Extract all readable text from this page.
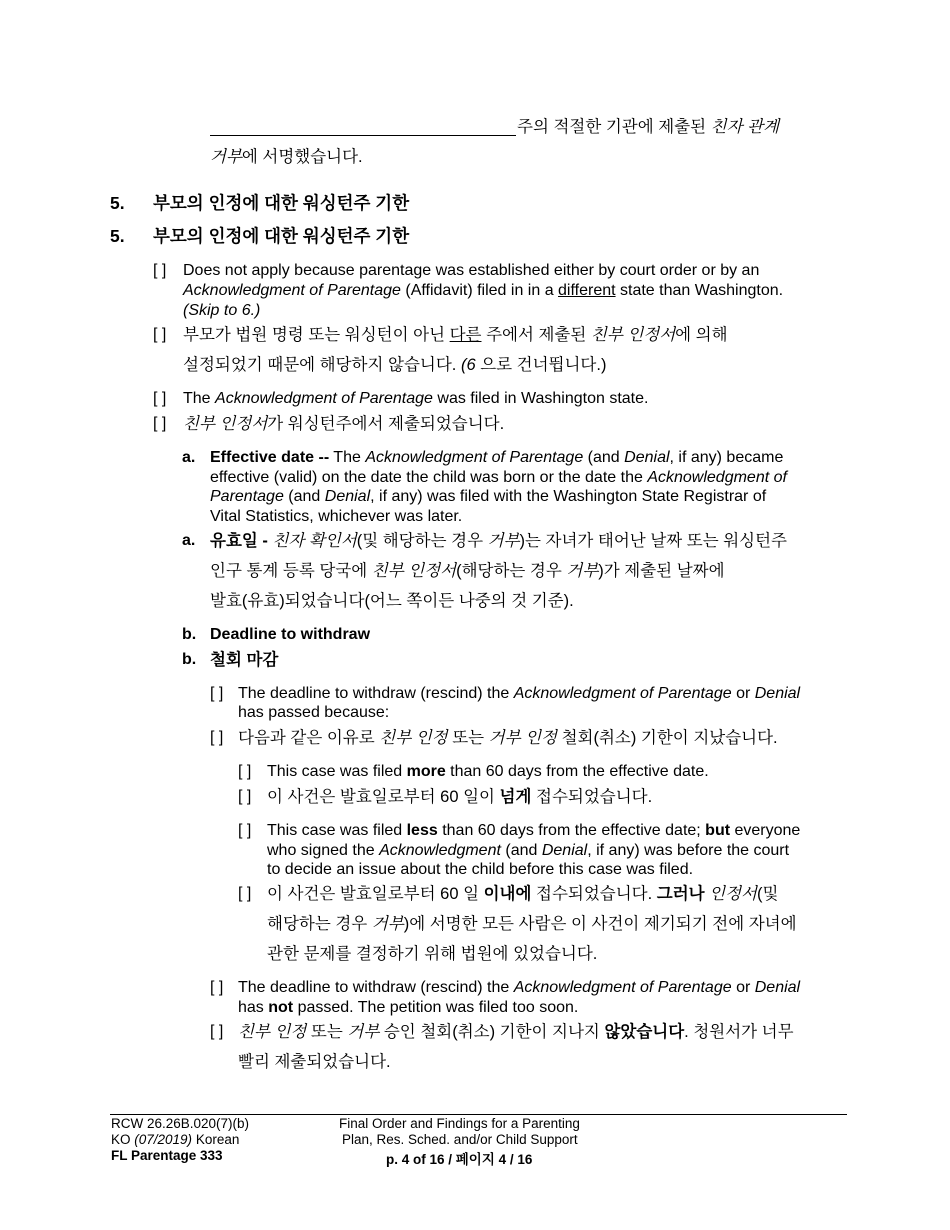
주의 적절한 기관에 제출된 친자 관계
거부에 서명했습니다.
5. 부모의 인정에 대한 워싱턴주 기한
5. 부모의 인정에 대한 워싱턴주 기한
[ ] Does not apply because parentage was established either by court order or by an
Acknowledgment of Parentage (Affidavit) filed in in a different state than Washington.
(Skip to 6.)
[ ] 부모가 법원 명령 또는 워싱턴이 아닌 다른 주에서 제출된 친부 인정서에 의해
설정되었기 때문에 해당하지 않습니다. (6 으로 건너뜁니다.)
[ ] The Acknowledgment of Parentage was filed in Washington state.
[ ] 친부 인정서가 워싱턴주에서 제출되었습니다.
a. Effective date -- The Acknowledgment of Parentage (and Denial, if any) became
effective (valid) on the date the child was born or the date the Acknowledgment of
Parentage (and Denial, if any) was filed with the Washington State Registrar of
Vital Statistics, whichever was later.
a. 유효일 - 친자 확인서(및 해당하는 경우 거부)는 자녀가 태어난 날짜 또는 워싱턴주
인구 통계 등록 당국에 친부 인정서(해당하는 경우 거부)가 제출된 날짜에
발효(유효)되었습니다(어느 쪽이든 나중의 것 기준).
b. Deadline to withdraw
b. 철회 마감
[ ] The deadline to withdraw (rescind) the Acknowledgment of Parentage or Denial
has passed because:
[ ] 다음과 같은 이유로 친부 인정 또는 거부 인정 철회(취소) 기한이 지났습니다.
[ ] This case was filed more than 60 days from the effective date.
[ ] 이 사건은 발효일로부터 60 일이 넘게 접수되었습니다.
[ ] This case was filed less than 60 days from the effective date; but everyone
who signed the Acknowledgment (and Denial, if any) was before the court
to decide an issue about the child before this case was filed.
[ ] 이 사건은 발효일로부터 60 일 이내에 접수되었습니다. 그러나 인정서(및
해당하는 경우 거부)에 서명한 모든 사람은 이 사건이 제기되기 전에 자녀에
관한 문제를 결정하기 위해 법원에 있었습니다.
[ ] The deadline to withdraw (rescind) the Acknowledgment of Parentage or Denial
has not passed. The petition was filed too soon.
[ ] 친부 인정 또는 거부 승인 철회(취소) 기한이 지나지 않았습니다. 청원서가 너무
빨리 제출되었습니다.
RCW 26.26B.020(7)(b)
KO (07/2019) Korean
FL Parentage 333
Final Order and Findings for a Parenting
Plan, Res. Sched. and/or Child Support
p. 4 of 16 / 페이지 4 / 16
